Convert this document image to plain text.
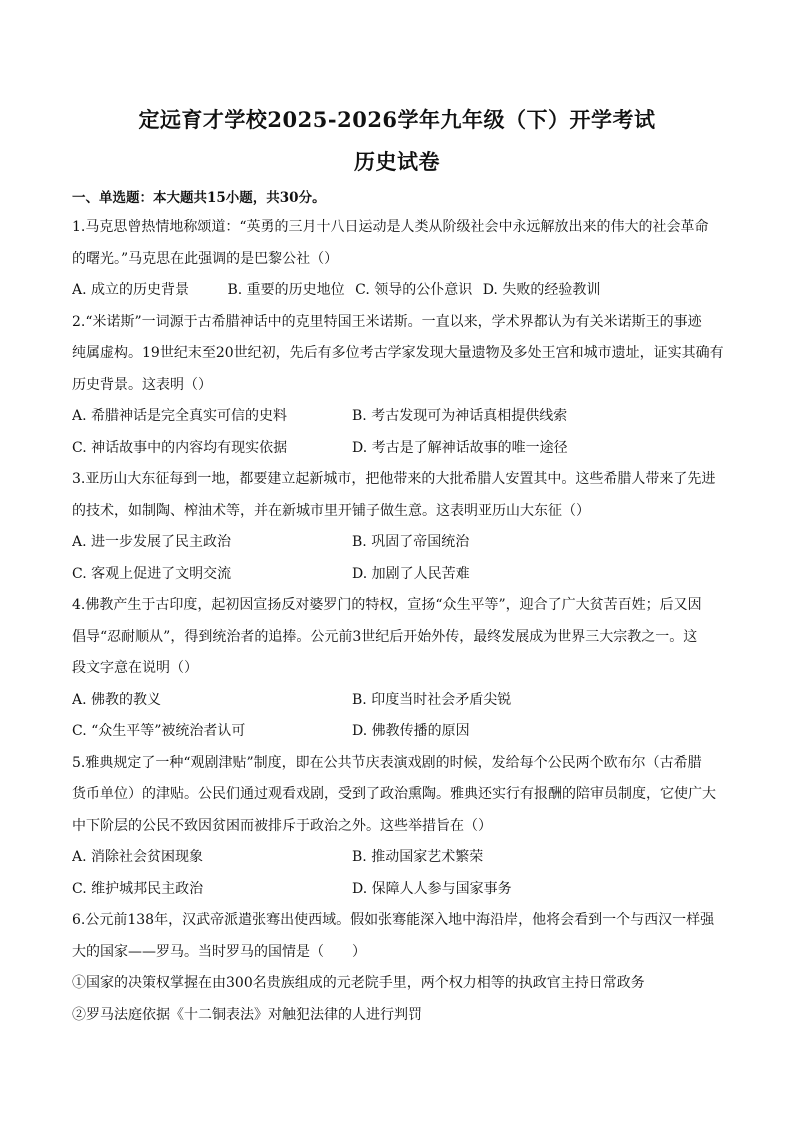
定远育才学校2025-2026学年九年级（下）开学考试
历史试卷
一、单选题：本大题共15小题，共30分。
1.马克思曾热情地称颂道：“英勇的三月十八日运动是人类从阶级社会中永远解放出来的伟大的社会革命
的曙光。”马克思在此强调的是巴黎公社（）
A. 成立的历史背景	B. 重要的历史地位 C. 领导的公仆意识 D. 失败的经验教训
2.“米诺斯”一词源于古希腊神话中的克里特国王米诺斯。一直以来，学术界都认为有关米诺斯王的事迹
纯属虚构。19世纪末至20世纪初，先后有多位考古学家发现大量遗物及多处王宫和城市遗址，证实其确有
历史背景。这表明（）
A. 希腊神话是完全真实可信的史料	B. 考古发现可为神话真相提供线索
C. 神话故事中的内容均有现实依据	D. 考古是了解神话故事的唯一途径
3.亚历山大东征每到一地，都要建立起新城市，把他带来的大批希腊人安置其中。这些希腊人带来了先进
的技术，如制陶、榨油术等，并在新城市里开铺子做生意。这表明亚历山大东征（）
A. 进一步发展了民主政治	B. 巩固了帝国统治
C. 客观上促进了文明交流	D. 加剧了人民苦难
4.佛教产生于古印度，起初因宣扬反对婆罗门的特权，宣扬“众生平等”，迎合了广大贫苦百姓；后又因
倡导“忍耐顺从”，得到统治者的追捧。公元前3世纪后开始外传，最终发展成为世界三大宗教之一。这
段文字意在说明（）
A. 佛教的教义	B. 印度当时社会矛盾尖锐
C. “众生平等”被统治者认可	D. 佛教传播的原因
5.雅典规定了一种“观剧津贴”制度，即在公共节庆表演戏剧的时候，发给每个公民两个欧布尔（古希腊
货币单位）的津贴。公民们通过观看戏剧，受到了政治熏陶。雅典还实行有报酬的陪审员制度，它使广大
中下阶层的公民不致因贫困而被排斥于政治之外。这些举措旨在（）
A. 消除社会贫困现象	B. 推动国家艺术繁荣
C. 维护城邦民主政治	D. 保障人人参与国家事务
6.公元前138年，汉武帝派遣张骞出使西域。假如张骞能深入地中海沿岸，他将会看到一个与西汉一样强
大的国家——罗马。当时罗马的国情是（　　）
①国家的决策权掌握在由300名贵族组成的元老院手里，两个权力相等的执政官主持日常政务
②罗马法庭依据《十二铜表法》对触犯法律的人进行判罚
